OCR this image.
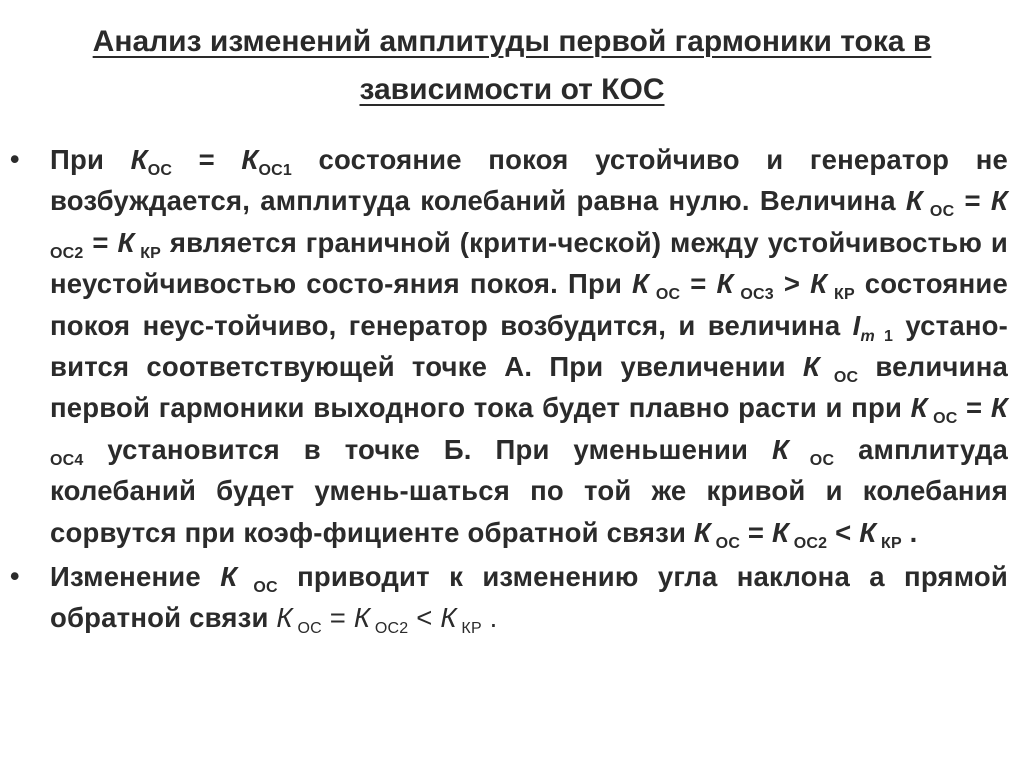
Анализ изменений амплитуды первой гармоники тока в зависимости от КОС
• При $К_{ОС} = К_{ОС1}$ состояние покоя устойчиво и генератор не возбуждается, амплитуда колебаний равна нулю. Величина К $_{ОС}$ = К $_{ОС2}$ = К $_{КР}$ является граничной (крити-ческой) между устойчивостью и неустойчивостью состо-яния покоя. При К $_{ОС}$ = К $_{ОС3}$ > К $_{КР}$ состояние покоя неус-тойчиво, генератор возбудится, и величина $I_m$ $_1$ устано-вится соответствующей точке А. При увеличении К $_{ОС}$ величина первой гармоники выходного тока будет плавно расти и при К $_{ОС}$ = К $_{ОС4}$ установится в точке Б. При уменьшении К $_{ОС}$ амплитуда колебаний будет умень-шаться по той же кривой и колебания сорвутся при коэф-фициенте обратной связи К $_{ОС}$ = К $_{ОС2}$ < К $_{КР}$ .
• Изменение К $_{ОС}$ приводит к изменению угла наклона а прямой обратной связи К $_{ОС}$ = К $_{ОС2}$ < К $_{КР}$ .
